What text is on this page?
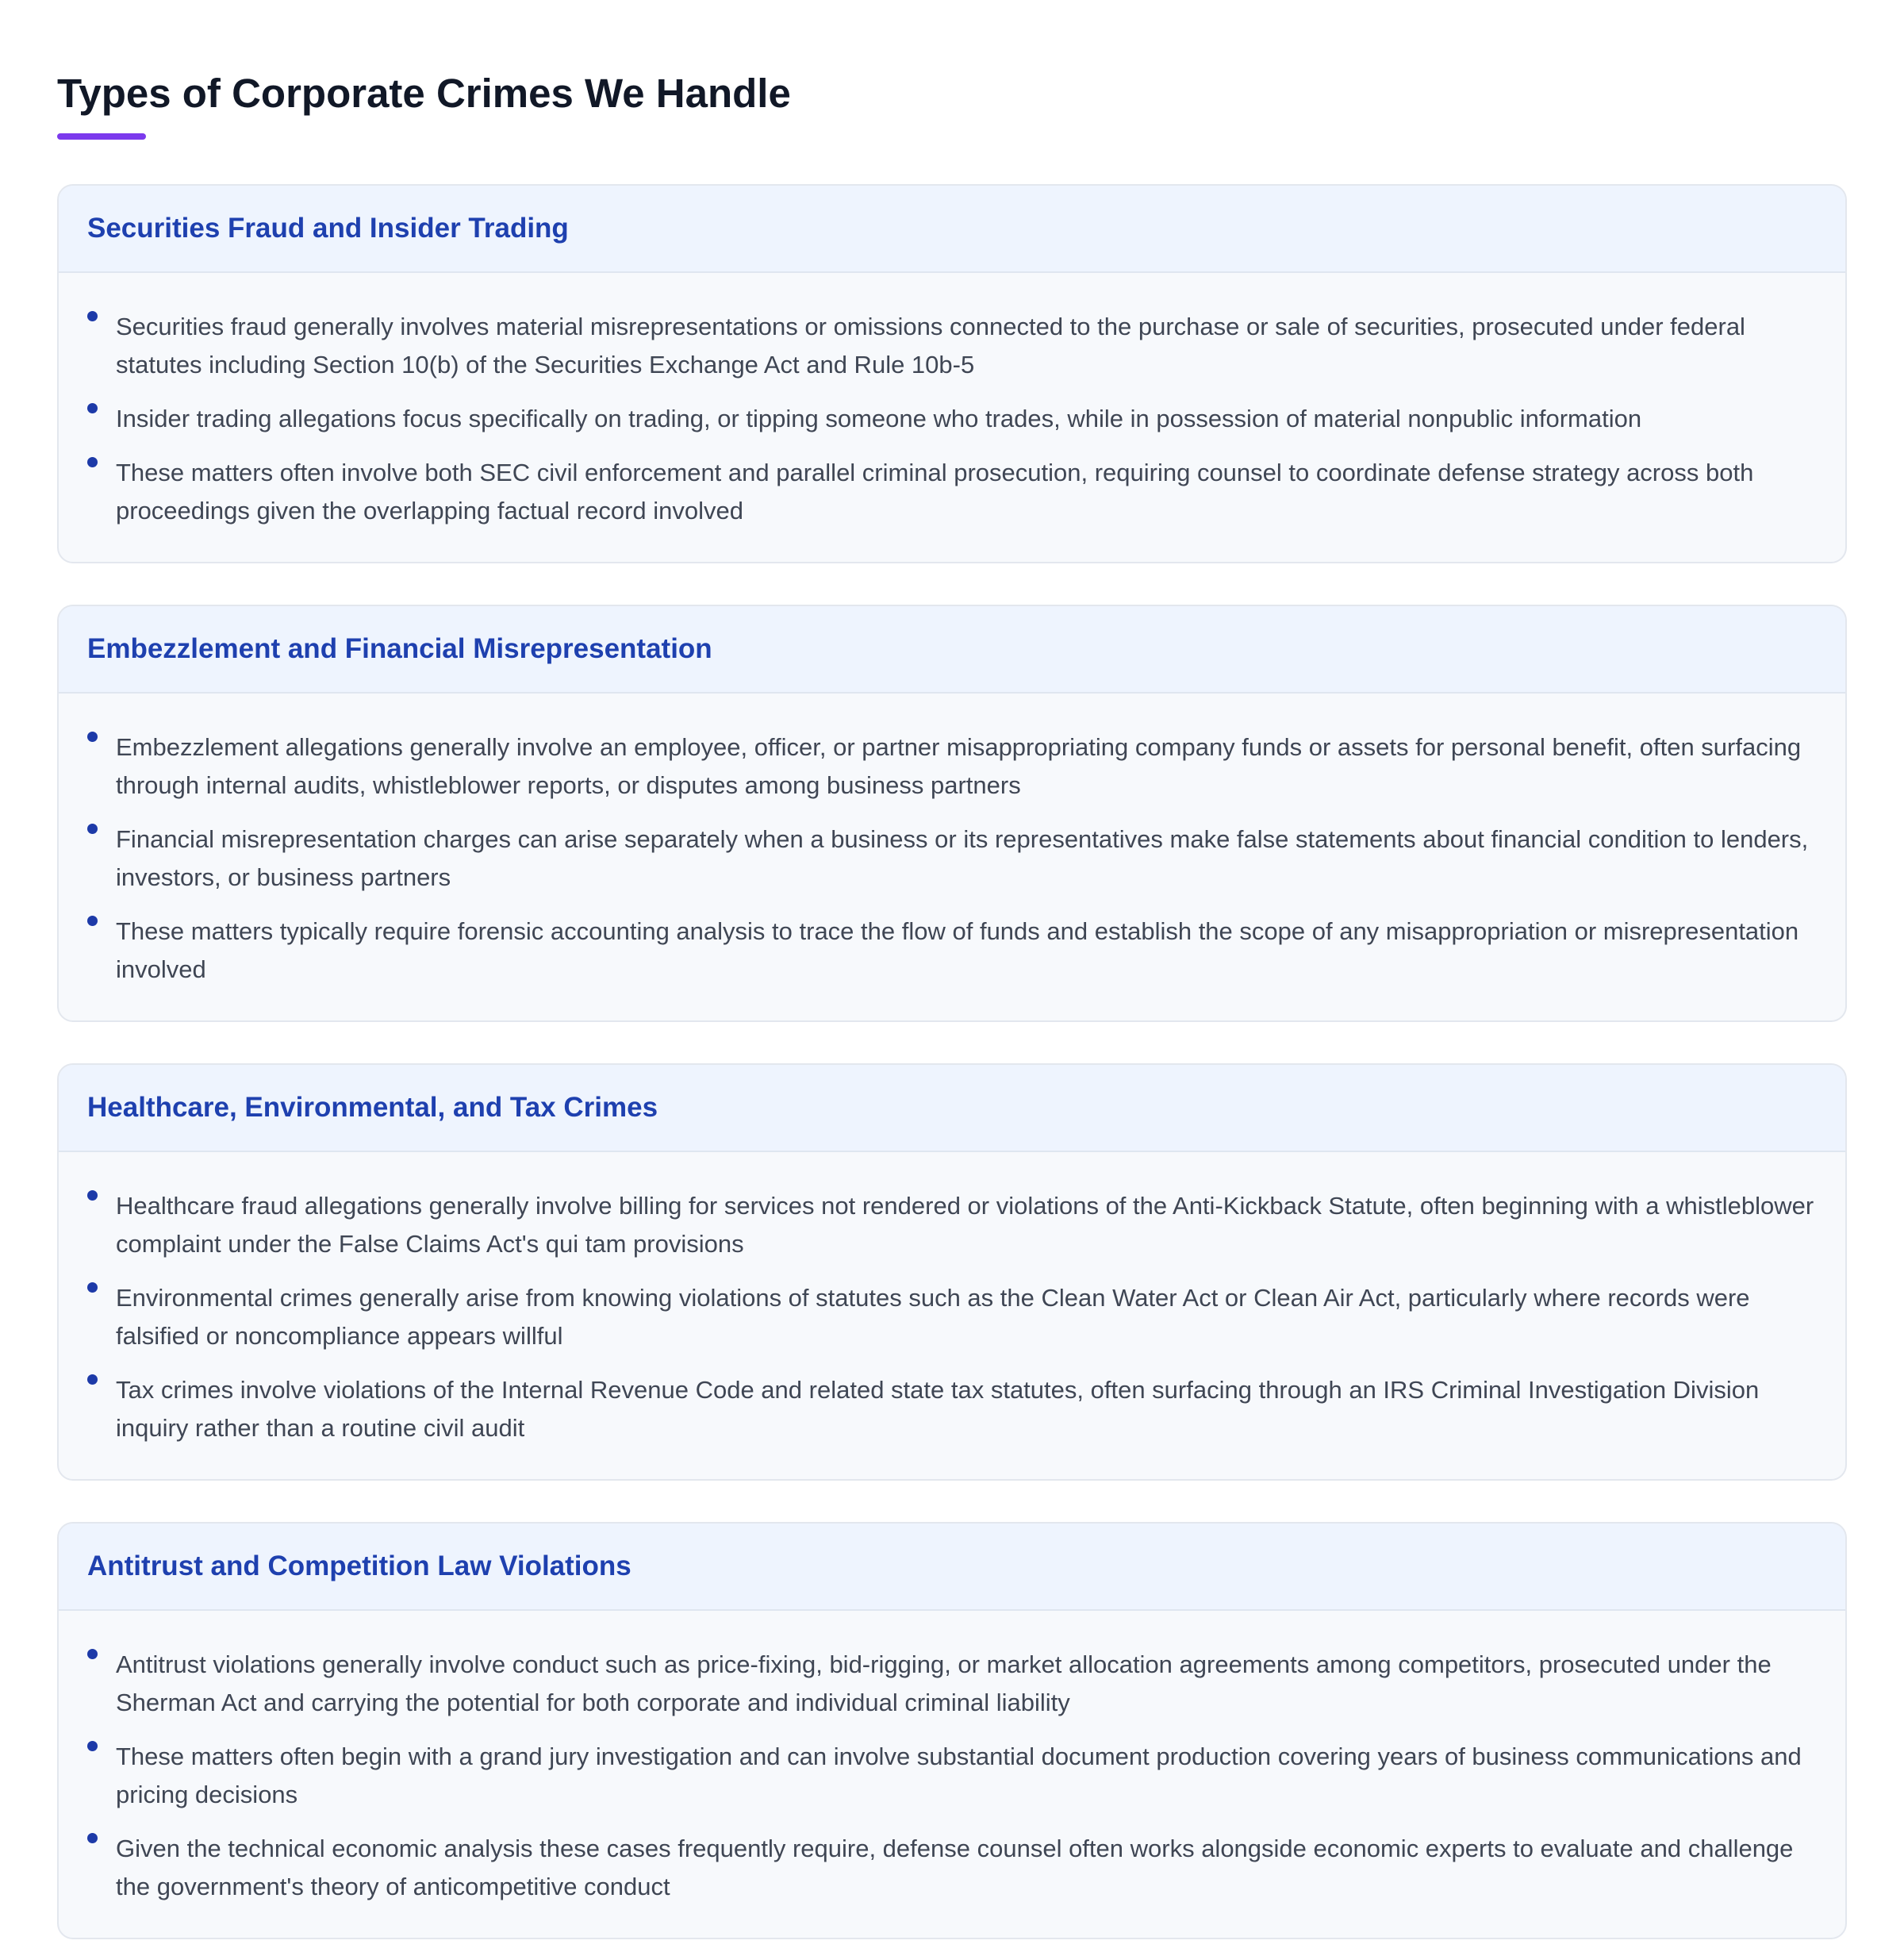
Types of Corporate Crimes We Handle
Securities Fraud and Insider Trading
Securities fraud generally involves material misrepresentations or omissions connected to the purchase or sale of securities, prosecuted under federal statutes including Section 10(b) of the Securities Exchange Act and Rule 10b-5
Insider trading allegations focus specifically on trading, or tipping someone who trades, while in possession of material nonpublic information
These matters often involve both SEC civil enforcement and parallel criminal prosecution, requiring counsel to coordinate defense strategy across both proceedings given the overlapping factual record involved
Embezzlement and Financial Misrepresentation
Embezzlement allegations generally involve an employee, officer, or partner misappropriating company funds or assets for personal benefit, often surfacing through internal audits, whistleblower reports, or disputes among business partners
Financial misrepresentation charges can arise separately when a business or its representatives make false statements about financial condition to lenders, investors, or business partners
These matters typically require forensic accounting analysis to trace the flow of funds and establish the scope of any misappropriation or misrepresentation involved
Healthcare, Environmental, and Tax Crimes
Healthcare fraud allegations generally involve billing for services not rendered or violations of the Anti-Kickback Statute, often beginning with a whistleblower complaint under the False Claims Act's qui tam provisions
Environmental crimes generally arise from knowing violations of statutes such as the Clean Water Act or Clean Air Act, particularly where records were falsified or noncompliance appears willful
Tax crimes involve violations of the Internal Revenue Code and related state tax statutes, often surfacing through an IRS Criminal Investigation Division inquiry rather than a routine civil audit
Antitrust and Competition Law Violations
Antitrust violations generally involve conduct such as price-fixing, bid-rigging, or market allocation agreements among competitors, prosecuted under the Sherman Act and carrying the potential for both corporate and individual criminal liability
These matters often begin with a grand jury investigation and can involve substantial document production covering years of business communications and pricing decisions
Given the technical economic analysis these cases frequently require, defense counsel often works alongside economic experts to evaluate and challenge the government's theory of anticompetitive conduct
